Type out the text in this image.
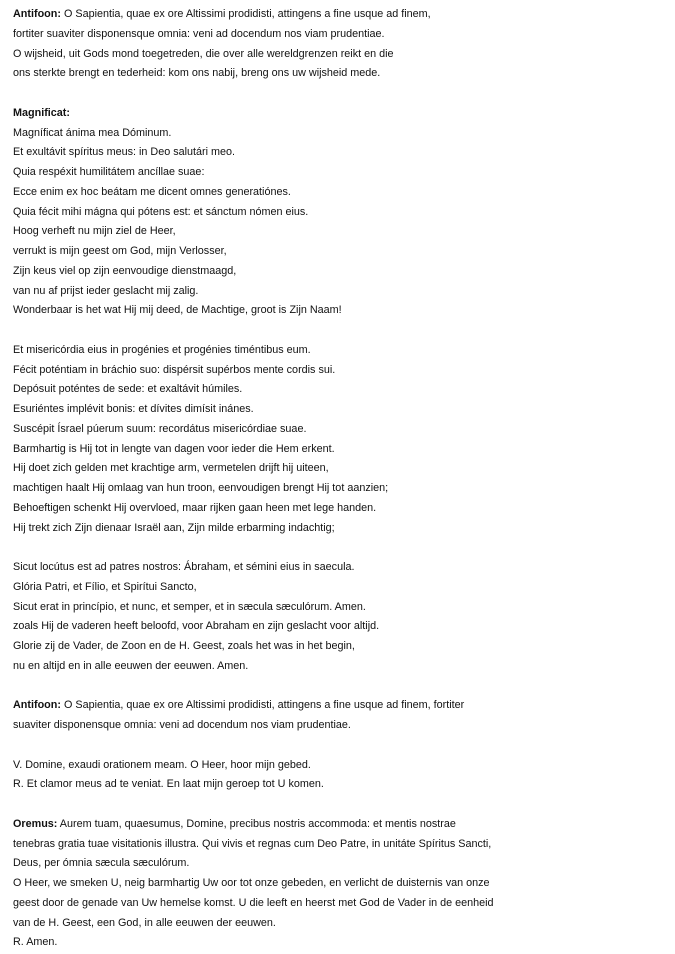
Antifoon: O Sapientia, quae ex ore Altissimi prodidisti, attingens a fine usque ad finem,
fortiter suaviter disponensque omnia: veni ad docendum nos viam prudentiae.
O wijsheid, uit Gods mond toegetreden, die over alle wereldgrenzen reikt en die
ons sterkte brengt en tederheid: kom ons nabij, breng ons uw wijsheid mede.
Magnificat:
Magníficat ánima mea Dóminum.
Et exultávit spíritus meus: in Deo salutári meo.
Quia respéxit humilitátem ancíllae suae:
Ecce enim ex hoc beátam me dicent omnes generatiónes.
Quia fécit mihi mágna qui pótens est: et sánctum nómen eius.
Hoog verheft nu mijn ziel de Heer,
verrukt is mijn geest om God, mijn Verlosser,
Zijn keus viel op zijn eenvoudige dienstmaagd,
van nu af prijst ieder geslacht mij zalig.
Wonderbaar is het wat Hij mij deed, de Machtige, groot is Zijn Naam!
Et misericórdia eius in progénies et progénies timéntibus eum.
Fécit poténtiam in bráchio suo: dispérsit supérbos mente cordis sui.
Depósuit poténtes de sede: et exaltávit húmiles.
Esuriéntes implévit bonis: et dívites dimísit inánes.
Suscépit Ísrael púerum suum: recordátus misericórdiae suae.
Barmhartig is Hij tot in lengte van dagen voor ieder die Hem erkent.
Hij doet zich gelden met krachtige arm, vermetelen drijft hij uiteen,
machtigen haalt Hij omlaag van hun troon, eenvoudigen brengt Hij tot aanzien;
Behoeftigen schenkt Hij overvloed, maar rijken gaan heen met lege handen.
Hij trekt zich Zijn dienaar Israël aan, Zijn milde erbarming indachtig;
Sicut locútus est ad patres nostros: Ábraham, et sémini eius in saecula.
Glória Patri, et Fílio, et Spirítui Sancto,
Sicut erat in princípio, et nunc, et semper, et in sæcula sæculórum. Amen.
zoals Hij de vaderen heeft beloofd, voor Abraham en zijn geslacht voor altijd.
Glorie zij de Vader, de Zoon en de H. Geest, zoals het was in het begin,
nu en altijd en in alle eeuwen der eeuwen. Amen.
Antifoon: O Sapientia, quae ex ore Altissimi prodidisti, attingens a fine usque ad finem, fortiter
suaviter disponensque omnia: veni ad docendum nos viam prudentiae.
V. Domine, exaudi orationem meam. O Heer, hoor mijn gebed.
R. Et clamor meus ad te veniat. En laat mijn geroep tot U komen.
Oremus: Aurem tuam, quaesumus, Domine, precibus nostris accommoda: et mentis nostrae
tenebras gratia tuae visitationis illustra. Qui vivis et regnas cum Deo Patre, in unitáte Spíritus Sancti,
Deus, per ómnia sæcula sæculórum.
O Heer, we smeken U, neig barmhartig Uw oor tot onze gebeden, en verlicht de duisternis van onze
geest door de genade van Uw hemelse komst. U die leeft en heerst met God de Vader in de eenheid
van de H. Geest, een God, in alle eeuwen der eeuwen.
R. Amen.
